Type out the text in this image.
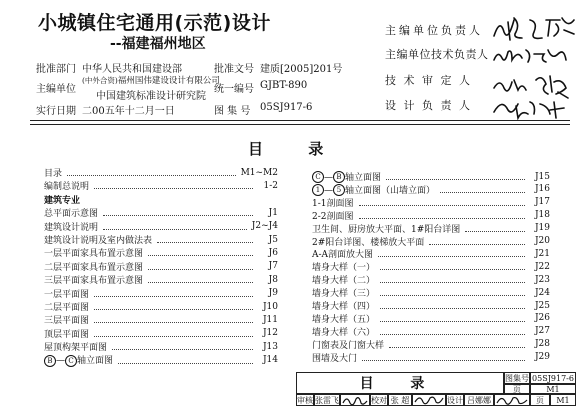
小城镇住宅通用(示范)设计
--福建福州地区
批准部门 中华人民共和国建设部	批准文号 建质[2005]201号
主编单位
(中外合资)福州国伟建设设计有限公司
中国建筑标准设计研究院
统一编号 GJBT-890
实行日期 二00五年十二月一日	图 集 号 05SJ917-6
主编单位负责人
主编单位技术负责人
技 术 审 定 人
设 计 负 责 人
目 录
目录	M1~M2
编制总说明	1-2
建筑专业
总平面示意图	J1
建筑设计说明	J2~J4
建筑设计说明及室内做法表	J5
一层平面家具布置示意图	J6
二层平面家具布置示意图	J7
三层平面家具布置示意图	J8
一层平面图	J9
二层平面图	J10
三层平面图	J11
顶层平面图	J12
屋顶构架平面图	J13
B — C 轴立面图	J14
C — B 轴立面图	J15
1 — 5 轴立面图（山墙立面）	J16
1-1剖面图	J17
2-2剖面图	J18
卫生间、厨房放大平面、1#阳台详图	J19
2#阳台详图、楼梯放大平面	J20
A-A剖面放大图	J21
墙身大样（一）	J22
墙身大样（二）	J23
墙身大样（三）	J24
墙身大样（四）	J25
墙身大样（五）	J26
墙身大样（六）	J27
门窗表及门窗大样	J28
围墙及大门	J29
目 录	图集号 05SJ917-6
页	M1
审核 张雷飞	校对 张 超	设计 吕娜娜	页	M1
